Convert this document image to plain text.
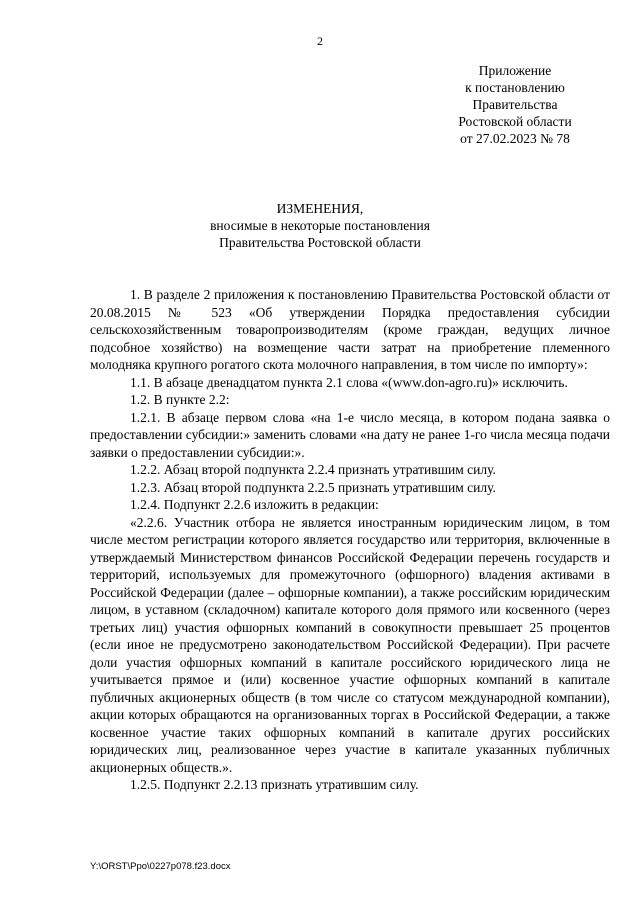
2
Приложение
к постановлению
Правительства
Ростовской области
от 27.02.2023 № 78
ИЗМЕНЕНИЯ,
вносимые в некоторые постановления
Правительства Ростовской области

1. В разделе 2 приложения к постановлению Правительства Ростовской области от 20.08.2015 № 523 «Об утверждении Порядка предоставления субсидии сельскохозяйственным товаропроизводителям (кроме граждан, ведущих личное подсобное хозяйство) на возмещение части затрат на приобретение племенного молодняка крупного рогатого скота молочного направления, в том числе по импорту»:

1.1. В абзаце двенадцатом пункта 2.1 слова «(www.don-agro.ru)» исключить.

1.2. В пункте 2.2:

1.2.1. В абзаце первом слова «на 1-е число месяца, в котором подана заявка о предоставлении субсидии:» заменить словами «на дату не ранее 1-го числа месяца подачи заявки о предоставлении субсидии:».

1.2.2. Абзац второй подпункта 2.2.4 признать утратившим силу.

1.2.3. Абзац второй подпункта 2.2.5 признать утратившим силу.

1.2.4. Подпункт 2.2.6 изложить в редакции:

«2.2.6. Участник отбора не является иностранным юридическим лицом, в том числе местом регистрации которого является государство или территория, включенные в утверждаемый Министерством финансов Российской Федерации перечень государств и территорий, используемых для промежуточного (офшорного) владения активами в Российской Федерации (далее – офшорные компании), а также российским юридическим лицом, в уставном (складочном) капитале которого доля прямого или косвенного (через третьих лиц) участия офшорных компаний в совокупности превышает 25 процентов (если иное не предусмотрено законодательством Российской Федерации). При расчете доли участия офшорных компаний в капитале российского юридического лица не учитывается прямое и (или) косвенное участие офшорных компаний в капитале публичных акционерных обществ (в том числе со статусом международной компании), акции которых обращаются на организованных торгах в Российской Федерации, а также косвенное участие таких офшорных компаний в капитале других российских юридических лиц, реализованное через участие в капитале указанных публичных акционерных обществ.».

1.2.5. Подпункт 2.2.13 признать утратившим силу.

Y:\ORST\Ppo\0227p078.f23.docx
